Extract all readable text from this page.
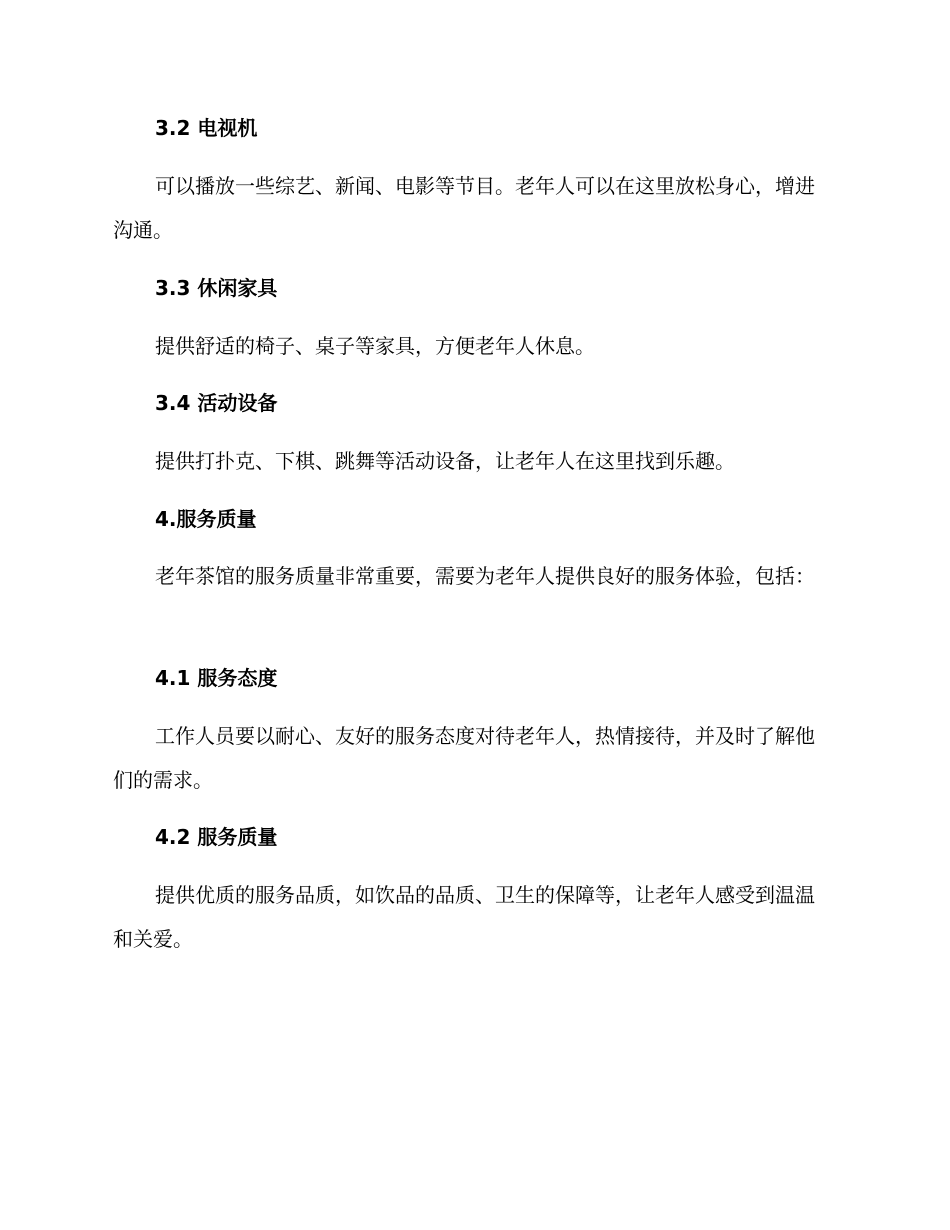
3.2 电视机
可以播放一些综艺、新闻、电影等节目。老年人可以在这里放松身心，增进沟通。
3.3 休闲家具
提供舒适的椅子、桌子等家具，方便老年人休息。
3.4 活动设备
提供打扑克、下棋、跳舞等活动设备，让老年人在这里找到乐趣。
4.服务质量
老年茶馆的服务质量非常重要，需要为老年人提供良好的服务体验，包括：
4.1 服务态度
工作人员要以耐心、友好的服务态度对待老年人，热情接待，并及时了解他们的需求。
4.2 服务质量
提供优质的服务品质，如饮品的品质、卫生的保障等，让老年人感受到温温和关爱。
